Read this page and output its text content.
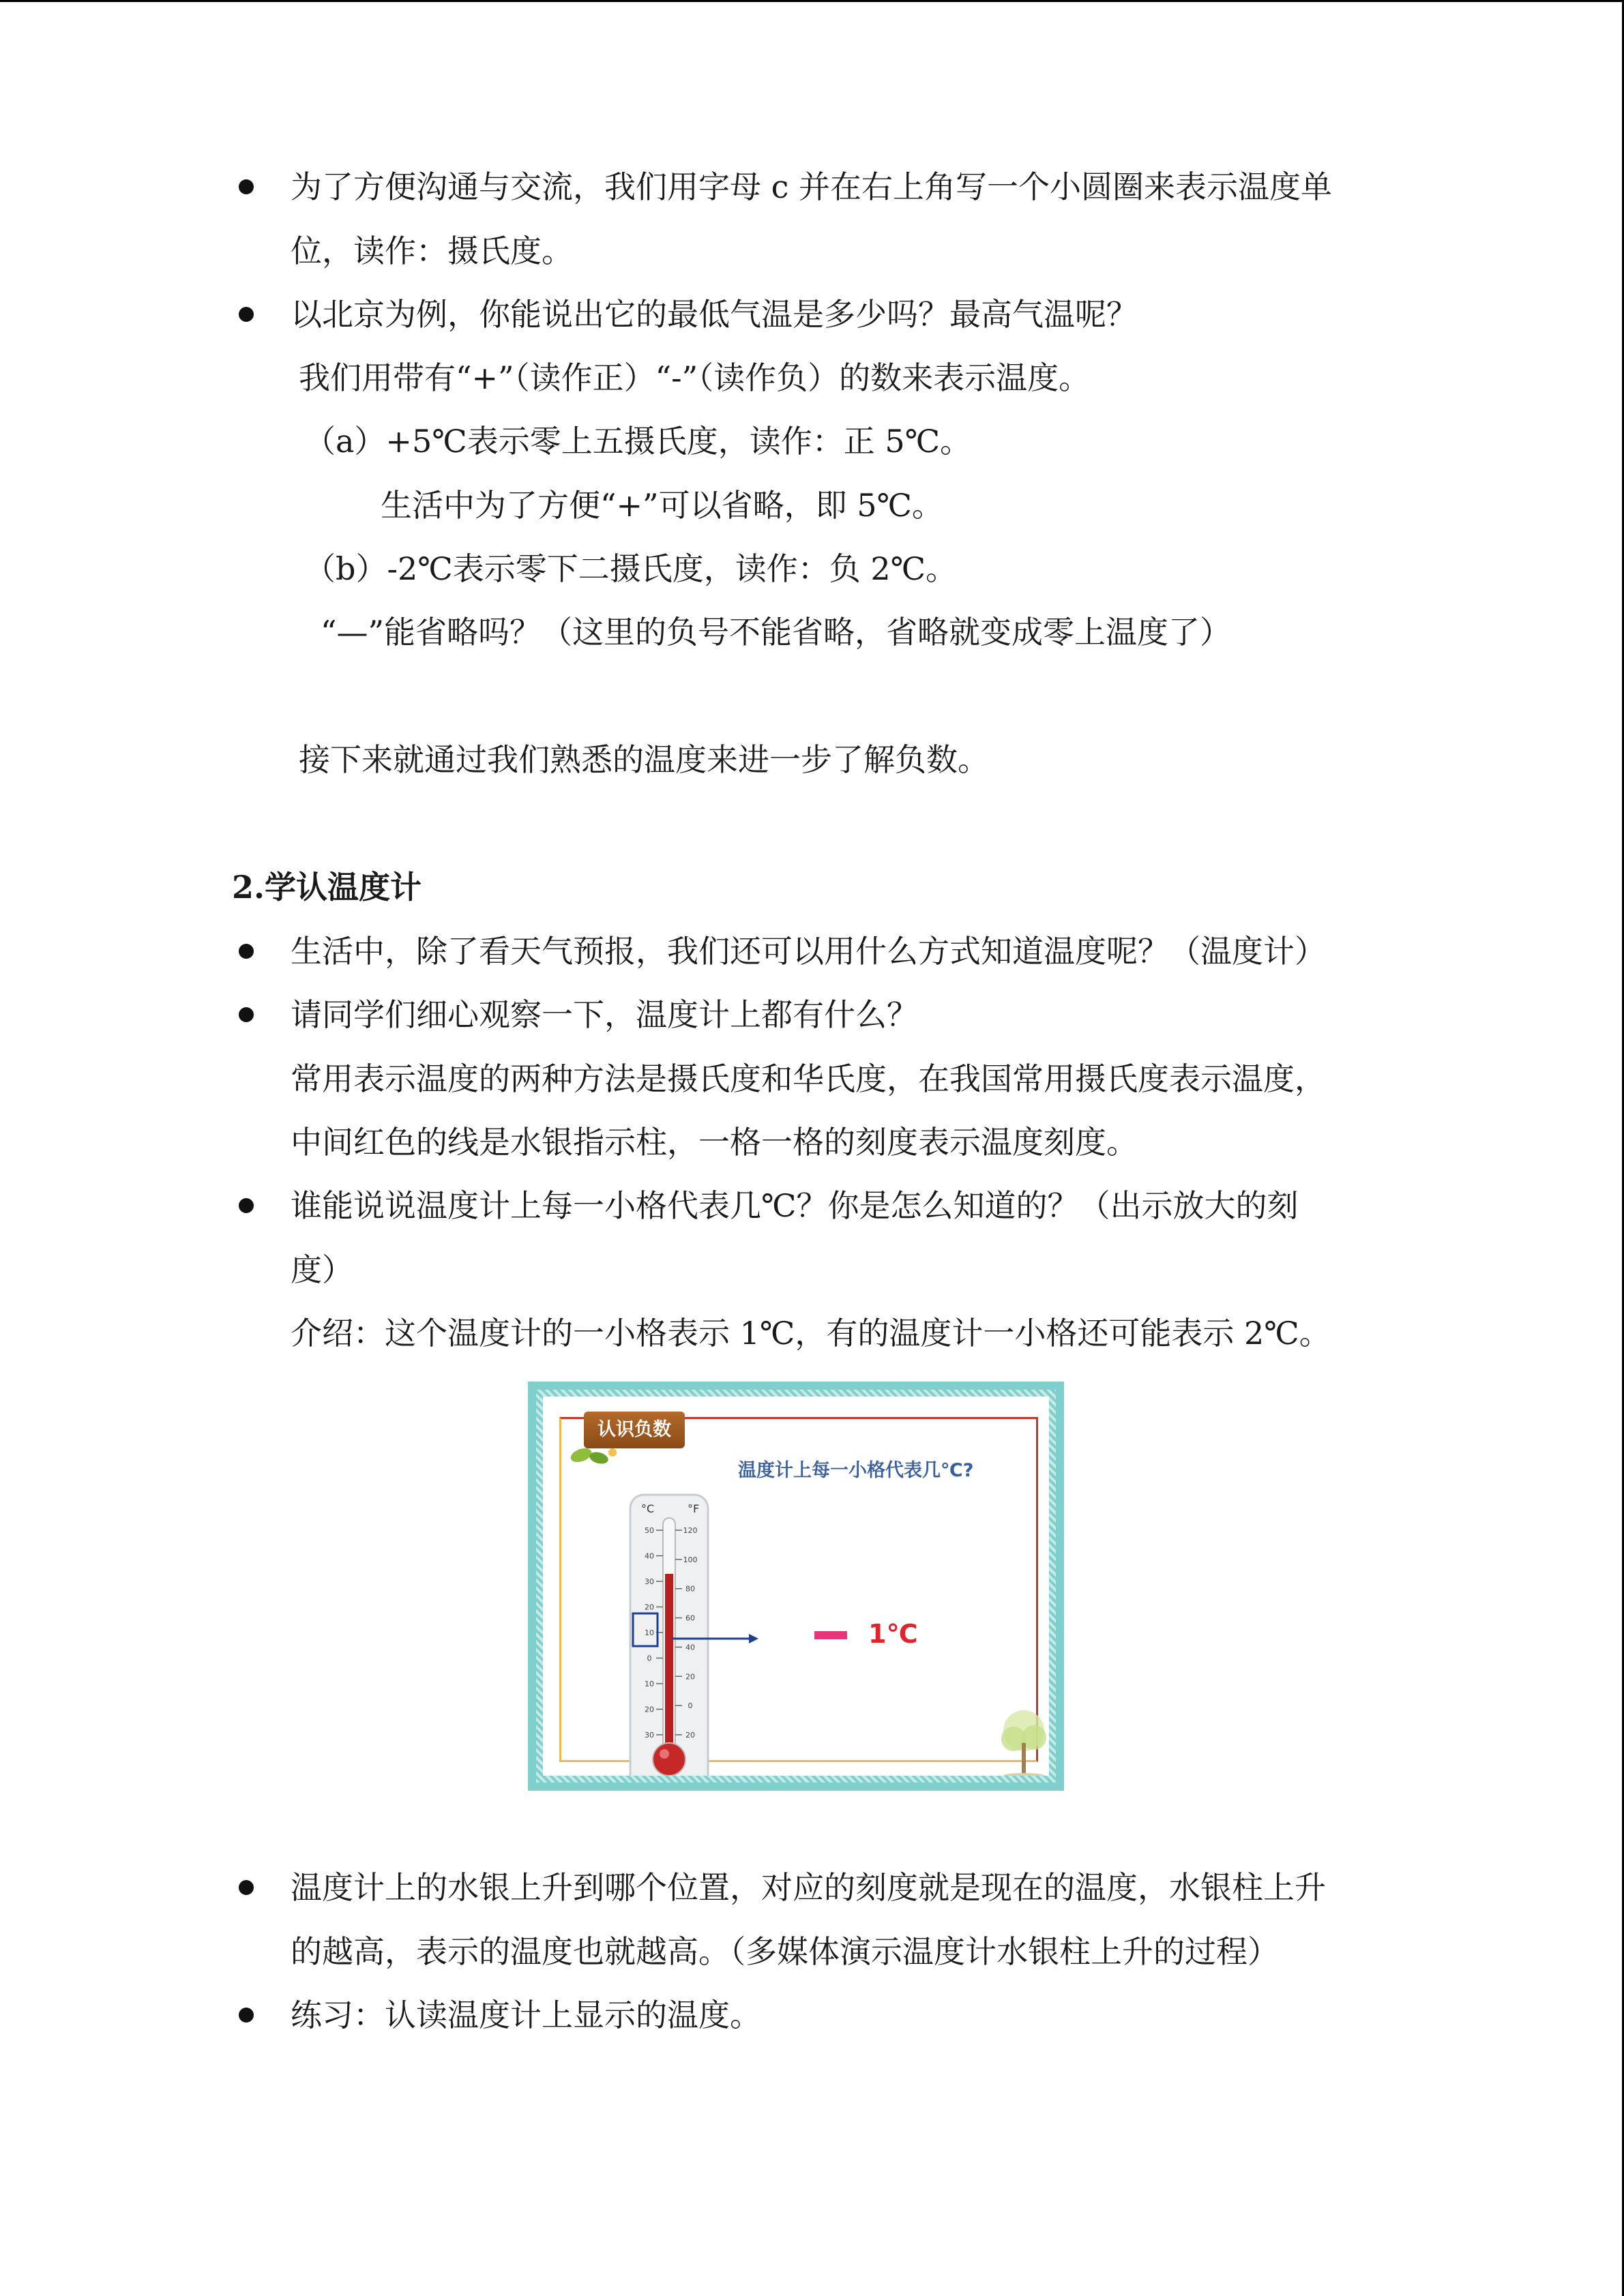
为了方便沟通与交流，我们用字母 c 并在右上角写一个小圆圈来表示温度单
位，读作：摄氏度。
以北京为例，你能说出它的最低气温是多少吗？最高气温呢？
我们用带有“+”（读作正）“-”（读作负）的数来表示温度。
（a）+5℃表示零上五摄氏度，读作：正 5℃。
生活中为了方便“+”可以省略，即 5℃。
（b）-2℃表示零下二摄氏度，读作：负 2℃。
“—”能省略吗？（这里的负号不能省略，省略就变成零上温度了）
接下来就通过我们熟悉的温度来进一步了解负数。
2.学认温度计
生活中，除了看天气预报，我们还可以用什么方式知道温度呢？（温度计）
请同学们细心观察一下，温度计上都有什么？
常用表示温度的两种方法是摄氏度和华氏度，在我国常用摄氏度表示温度，
中间红色的线是水银指示柱，一格一格的刻度表示温度刻度。
谁能说说温度计上每一小格代表几℃？你是怎么知道的？（出示放大的刻
度）
介绍：这个温度计的一小格表示 1℃，有的温度计一小格还可能表示 2℃。
认识负数
温度计上每一小格代表几℃?
°C	°F
50
40
30
20
10
0
10
20
30
120
100
80
60
40
20
0
20
1℃
温度计上的水银上升到哪个位置，对应的刻度就是现在的温度，水银柱上升
的越高，表示的温度也就越高。（多媒体演示温度计水银柱上升的过程）
练习：认读温度计上显示的温度。
